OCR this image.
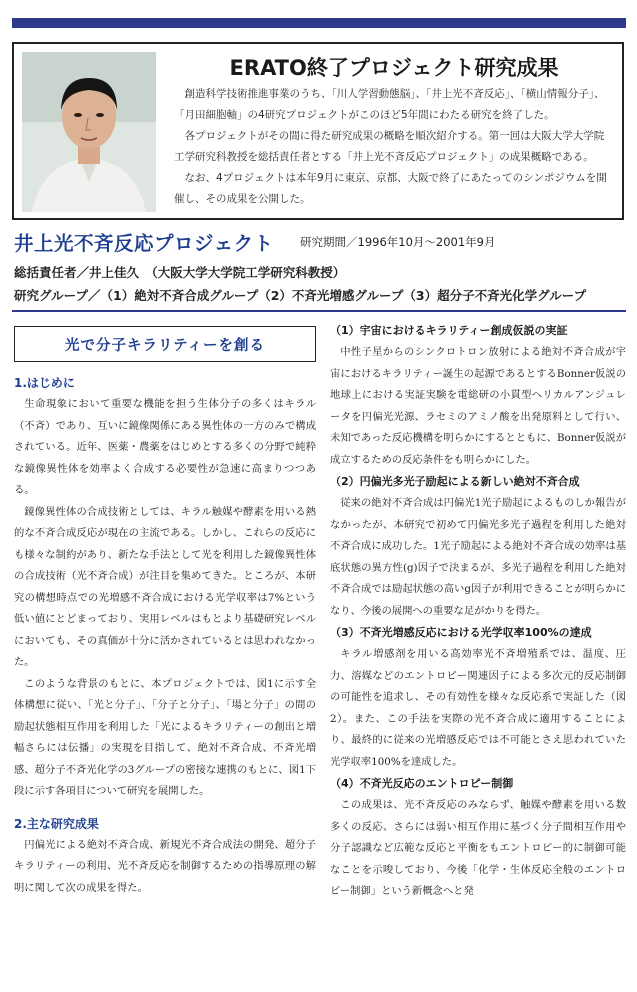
ERATO終了プロジェクト研究成果

創造科学技術推進事業のうち、「川人学習動態脳」、「井上光不斉反応」、「横山情報分子」、「月田細胞軸」の4研究プロジェクトがこのほど5年間にわたる研究を終了した。

各プロジェクトがその間に得た研究成果の概略を順次紹介する。第一回は大阪大学大学院工学研究科教授を総括責任者とする「井上光不斉反応プロジェクト」の成果概略である。

なお、4プロジェクトは本年9月に東京、京都、大阪で終了にあたってのシンポジウムを開催し、その成果を公開した。

井上光不斉反応プロジェクト 研究期間／1996年10月〜2001年9月
総括責任者／井上佳久　（大阪大学大学院工学研究科教授）
研究グループ／（1）絶対不斉合成グループ（2）不斉光増感グループ（3）超分子不斉光化学グループ
光で分子キラリティーを創る

1.はじめに

生命現象において重要な機能を担う生体分子の多くはキラル（不斉）であり、互いに鏡像関係にある異性体の一方のみで構成されている。近年、医薬・農薬をはじめとする多くの分野で純粋な鏡像異性体を効率よく合成する必要性が急速に高まりつつある。

鏡像異性体の合成技術としては、キラル触媒や酵素を用いる熱的な不斉合成反応が現在の主流である。しかし、これらの反応にも様々な制約があり、新たな手法として光を利用した鏡像異性体の合成技術（光不斉合成）が注目を集めてきた。ところが、本研究の構想時点での光増感不斉合成における光学収率は7%という低い値にとどまっており、実用レベルはもとより基礎研究レベルにおいても、その真価が十分に活かされているとは思われなかった。

このような背景のもとに、本プロジェクトでは、図1に示す全体構想に従い、「光と分子」、「分子と分子」、「場と分子」の間の励起状態相互作用を利用した「光によるキラリティーの創出と増幅さらには伝播」の実現を目指して、絶対不斉合成、不斉光増感、超分子不斉光化学の3グループの密接な連携のもとに、図1下段に示す各項目について研究を展開した。

2.主な研究成果

円偏光による絶対不斉合成、新規光不斉合成法の開発、超分子キラリティーの利用、光不斉反応を制御するための指導原理の解明に関して次の成果を得た。

（1）宇宙におけるキラリティー創成仮説の実証

中性子星からのシンクロトロン放射による絶対不斉合成が宇宙におけるキラリティー誕生の起源であるとするBonner仮説の地球上における実証実験を電総研の小貫型ヘリカルアンジュレータを円偏光光源、ラセミのアミノ酸を出発原料として行い、未知であった反応機構を明らかにするとともに、Bonner仮説が成立するための反応条件をも明らかにした。

（2）円偏光多光子励起による新しい絶対不斉合成

従来の絶対不斉合成は円偏光1光子励起によるものしか報告がなかったが、本研究で初めて円偏光多光子過程を利用した絶対不斉合成に成功した。1光子励起による絶対不斉合成の効率は基底状態の異方性(g)因子で決まるが、多光子過程を利用した絶対不斉合成では励起状態の高いg因子が利用できることが明らかになり、今後の展開への重要な足がかりを得た。

（3）不斉光増感反応における光学収率100%の達成

キラル増感剤を用いる高効率光不斉増殖系では、温度、圧力、溶媒などのエントロピー関連因子による多次元的反応制御の可能性を追求し、その有効性を様々な反応系で実証した（図2）。また、この手法を実際の光不斉合成に適用することにより、最終的に従来の光増感反応では不可能とさえ思われていた光学収率100%を達成した。

（4）不斉光反応のエントロピー制御

この成果は、光不斉反応のみならず、触媒や酵素を用いる数多くの反応、さらには弱い相互作用に基づく分子間相互作用や分子認識など広範な反応と平衡をもエントロピー的に制御可能なことを示唆しており、今後「化学・生体反応全般のエントロピー制御」という新概念へと発
